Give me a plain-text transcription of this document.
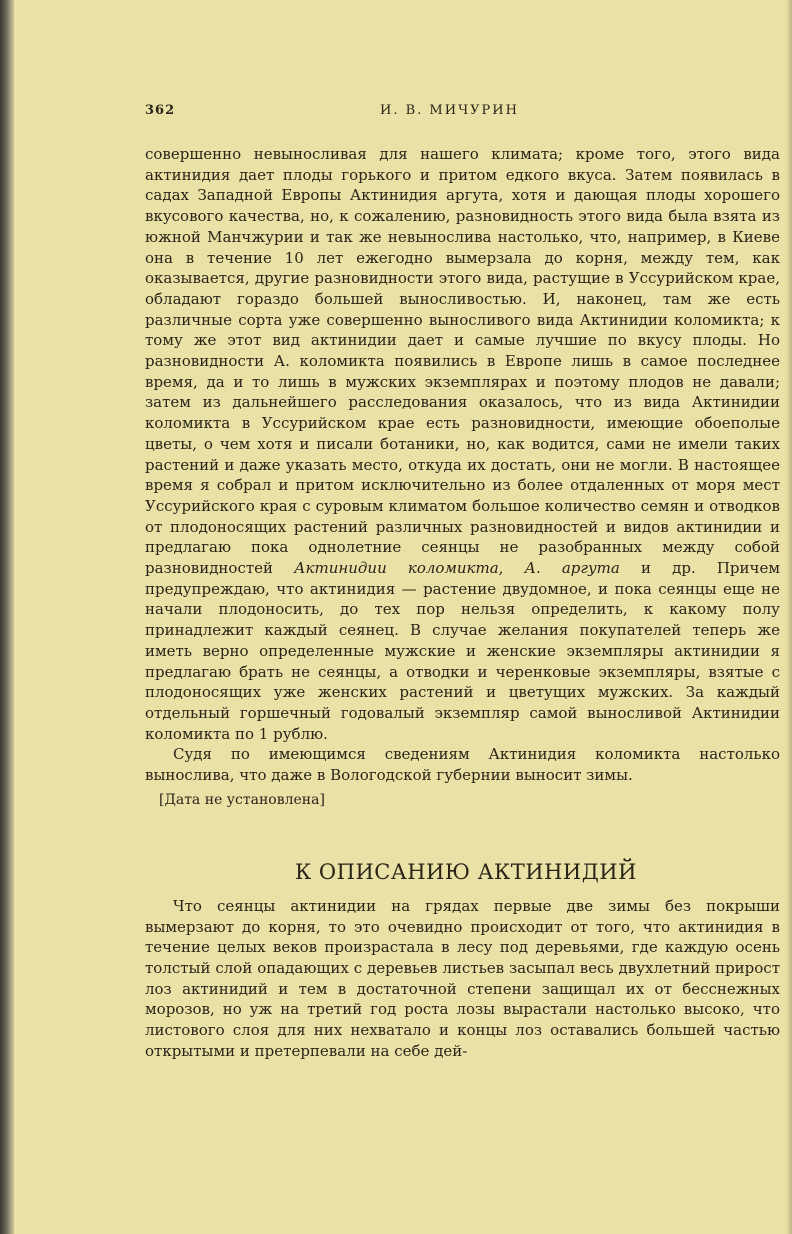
362	И. В. МИЧУРИН

совершенно невыносливая для нашего климата; кроме того, этого вида актинидия дает плоды горького и притом едкого вкуса. Затем появилась в садах Западной Европы Актинидия аргута, хотя и дающая плоды хорошего вкусового качества, но, к сожалению, разновидность этого вида была взята из южной Манчжурии и так же невынослива настолько, что, например, в Киеве она в течение 10 лет ежегодно вымерзала до корня, между тем, как оказывается, другие разновидности этого вида, растущие в Уссурийском крае, обладают гораздо большей выносливостью. И, наконец, там же есть различные сорта уже совершенно выносливого вида Актинидии коломикта; к тому же этот вид актинидии дает и самые лучшие по вкусу плоды. Но разновидности А. коломикта появились в Европе лишь в самое последнее время, да и то лишь в мужских экземплярах и поэтому плодов не давали; затем из дальнейшего расследования оказалось, что из вида Актинидии коломикта в Уссурийском крае есть разновидности, имеющие обоеполые цветы, о чем хотя и писали ботаники, но, как водится, сами не имели таких растений и даже указать место, откуда их достать, они не могли. В настоящее время я собрал и притом исключительно из более отдаленных от моря мест Уссурийского края с суровым климатом большое количество семян и отводков от плодоносящих растений различных разновидностей и видов актинидии и предлагаю пока однолетние сеянцы не разобранных между собой разновидностей Актинидии коломикта, А. аргута и др. Причем предупреждаю, что актинидия — растение двудомное, и пока сеянцы еще не начали плодоносить, до тех пор нельзя определить, к какому полу принадлежит каждый сеянец. В случае желания покупателей теперь же иметь верно определенные мужские и женские экземпляры актинидии я предлагаю брать не сеянцы, а отводки и черенковые экземпляры, взятые с плодоносящих уже женских растений и цветущих мужских. За каждый отдельный горшечный годовалый экземпляр самой выносливой Актинидии коломикта по 1 рублю.

Судя по имеющимся сведениям Актинидия коломикта настолько вынослива, что даже в Вологодской губернии выносит зимы.

[Дата не установлена]
К ОПИСАНИЮ АКТИНИДИЙ

Что сеянцы актинидии на грядах первые две зимы без покрыши вымерзают до корня, то это очевидно происходит от того, что актинидия в течение целых веков произрастала в лесу под деревьями, где каждую осень толстый слой опадающих с деревьев листьев засыпал весь двухлетний прирост лоз актинидий и тем в достаточной степени защищал их от бесснежных морозов, но уж на третий год роста лозы вырастали настолько высоко, что листового слоя для них нехватало и концы лоз оставались большей частью открытыми и претерпевали на себе дей-
